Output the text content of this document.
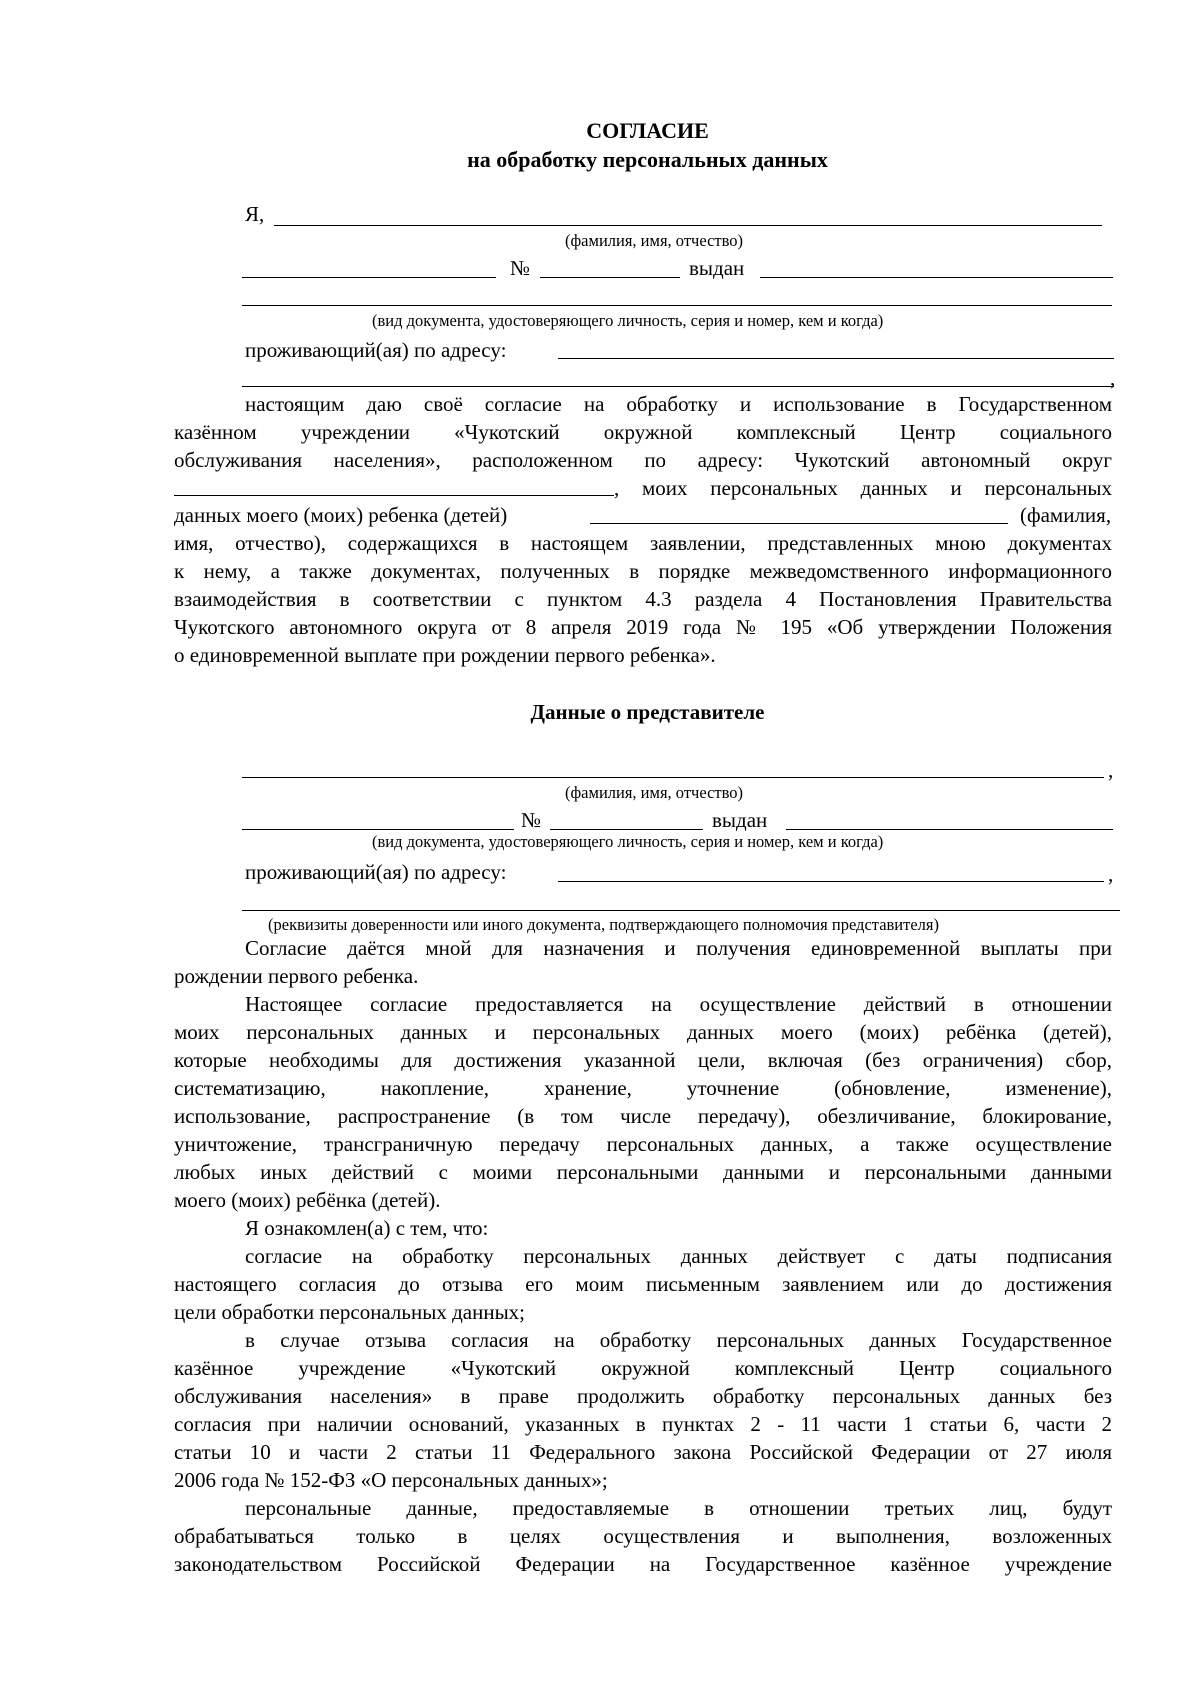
СОГЛАСИЕ
на обработку персональных данных
Я,
(фамилия, имя, отчество)
№	выдан
(вид документа, удостоверяющего личность, серия и номер, кем и когда)
проживающий(ая) по адресу:
,
настоящим даю своё согласие на обработку и использование в Государственном
казённом учреждении «Чукотский окружной комплексный Центр социального
обслуживания населения», расположенном по адресу: Чукотский автономный округ
, моих персональных данных и персональных
данных моего (моих) ребенка (детей)	(фамилия,
имя, отчество), содержащихся в настоящем заявлении, представленных мною документах
к нему, а также документах, полученных в порядке межведомственного информационного
взаимодействия в соответствии с пунктом 4.3 раздела 4 Постановления Правительства
Чукотского автономного округа от 8 апреля 2019 года № 195 «Об утверждении Положения
о единовременной выплате при рождении первого ребенка».
Данные о представителе
,
(фамилия, имя, отчество)
№	выдан
(вид документа, удостоверяющего личность, серия и номер, кем и когда)
проживающий(ая) по адресу:	,
(реквизиты доверенности или иного документа, подтверждающего полномочия представителя)
Согласие даётся мной для назначения и получения единовременной выплаты при
рождении первого ребенка.
Настоящее согласие предоставляется на осуществление действий в отношении
моих персональных данных и персональных данных моего (моих) ребёнка (детей),
которые необходимы для достижения указанной цели, включая (без ограничения) сбор,
систематизацию, накопление, хранение, уточнение (обновление, изменение),
использование, распространение (в том числе передачу), обезличивание, блокирование,
уничтожение, трансграничную передачу персональных данных, а также осуществление
любых иных действий с моими персональными данными и персональными данными
моего (моих) ребёнка (детей).
Я ознакомлен(а) с тем, что:
согласие на обработку персональных данных действует с даты подписания
настоящего согласия до отзыва его моим письменным заявлением или до достижения
цели обработки персональных данных;
в случае отзыва согласия на обработку персональных данных Государственное
казённое учреждение «Чукотский окружной комплексный Центр социального
обслуживания населения» в праве продолжить обработку персональных данных без
согласия при наличии оснований, указанных в пунктах 2 - 11 части 1 статьи 6, части 2
статьи 10 и части 2 статьи 11 Федерального закона Российской Федерации от 27 июля
2006 года № 152-ФЗ «О персональных данных»;
персональные данные, предоставляемые в отношении третьих лиц, будут
обрабатываться только в целях осуществления и выполнения, возложенных
законодательством Российской Федерации на Государственное казённое учреждение
